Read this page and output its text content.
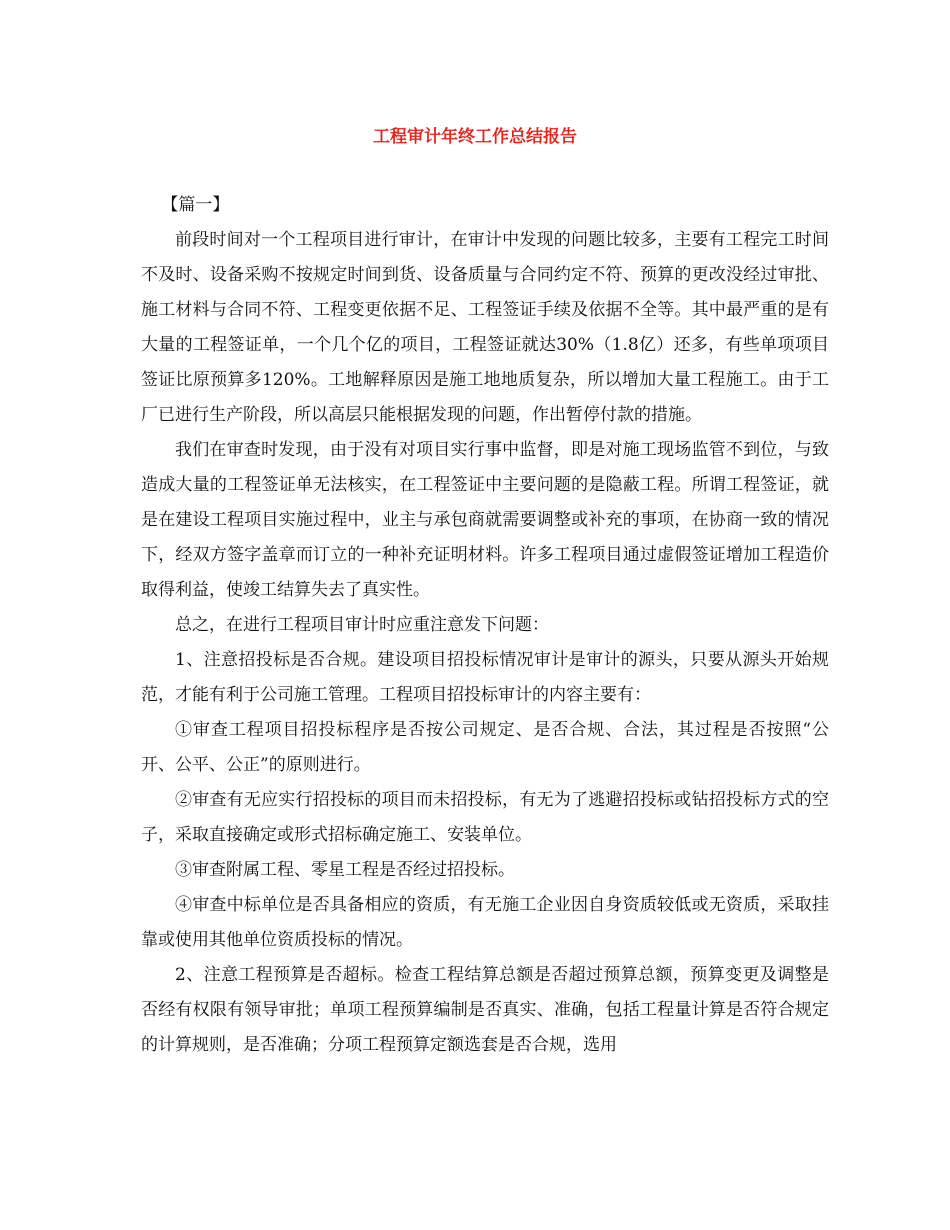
工程审计年终工作总结报告

【篇一】

前段时间对一个工程项目进行审计，在审计中发现的问题比较多，主要有工程完工时间不及时、设备采购不按规定时间到货、设备质量与合同约定不符、预算的更改没经过审批、施工材料与合同不符、工程变更依据不足、工程签证手续及依据不全等。其中最严重的是有大量的工程签证单，一个几个亿的项目，工程签证就达30%（1.8亿）还多，有些单项项目签证比原预算多120%。工地解释原因是施工地地质复杂，所以增加大量工程施工。由于工厂已进行生产阶段，所以高层只能根据发现的问题，作出暂停付款的措施。

我们在审查时发现，由于没有对项目实行事中监督，即是对施工现场监管不到位，与致造成大量的工程签证单无法核实，在工程签证中主要问题的是隐蔽工程。所谓工程签证，就是在建设工程项目实施过程中，业主与承包商就需要调整或补充的事项，在协商一致的情况下，经双方签字盖章而订立的一种补充证明材料。许多工程项目通过虚假签证增加工程造价取得利益，使竣工结算失去了真实性。

总之，在进行工程项目审计时应重注意发下问题：

1、注意招投标是否合规。建设项目招投标情况审计是审计的源头，只要从源头开始规范，才能有利于公司施工管理。工程项目招投标审计的内容主要有：

①审查工程项目招投标程序是否按公司规定、是否合规、合法，其过程是否按照“公开、公平、公正”的原则进行。

②审查有无应实行招投标的项目而未招投标，有无为了逃避招投标或钻招投标方式的空子，采取直接确定或形式招标确定施工、安装单位。

③审查附属工程、零星工程是否经过招投标。

④审查中标单位是否具备相应的资质，有无施工企业因自身资质较低或无资质，采取挂靠或使用其他单位资质投标的情况。

2、注意工程预算是否超标。检查工程结算总额是否超过预算总额，预算变更及调整是否经有权限有领导审批；单项工程预算编制是否真实、准确，包括工程量计算是否符合规定的计算规则，是否准确；分项工程预算定额选套是否合规，选用
